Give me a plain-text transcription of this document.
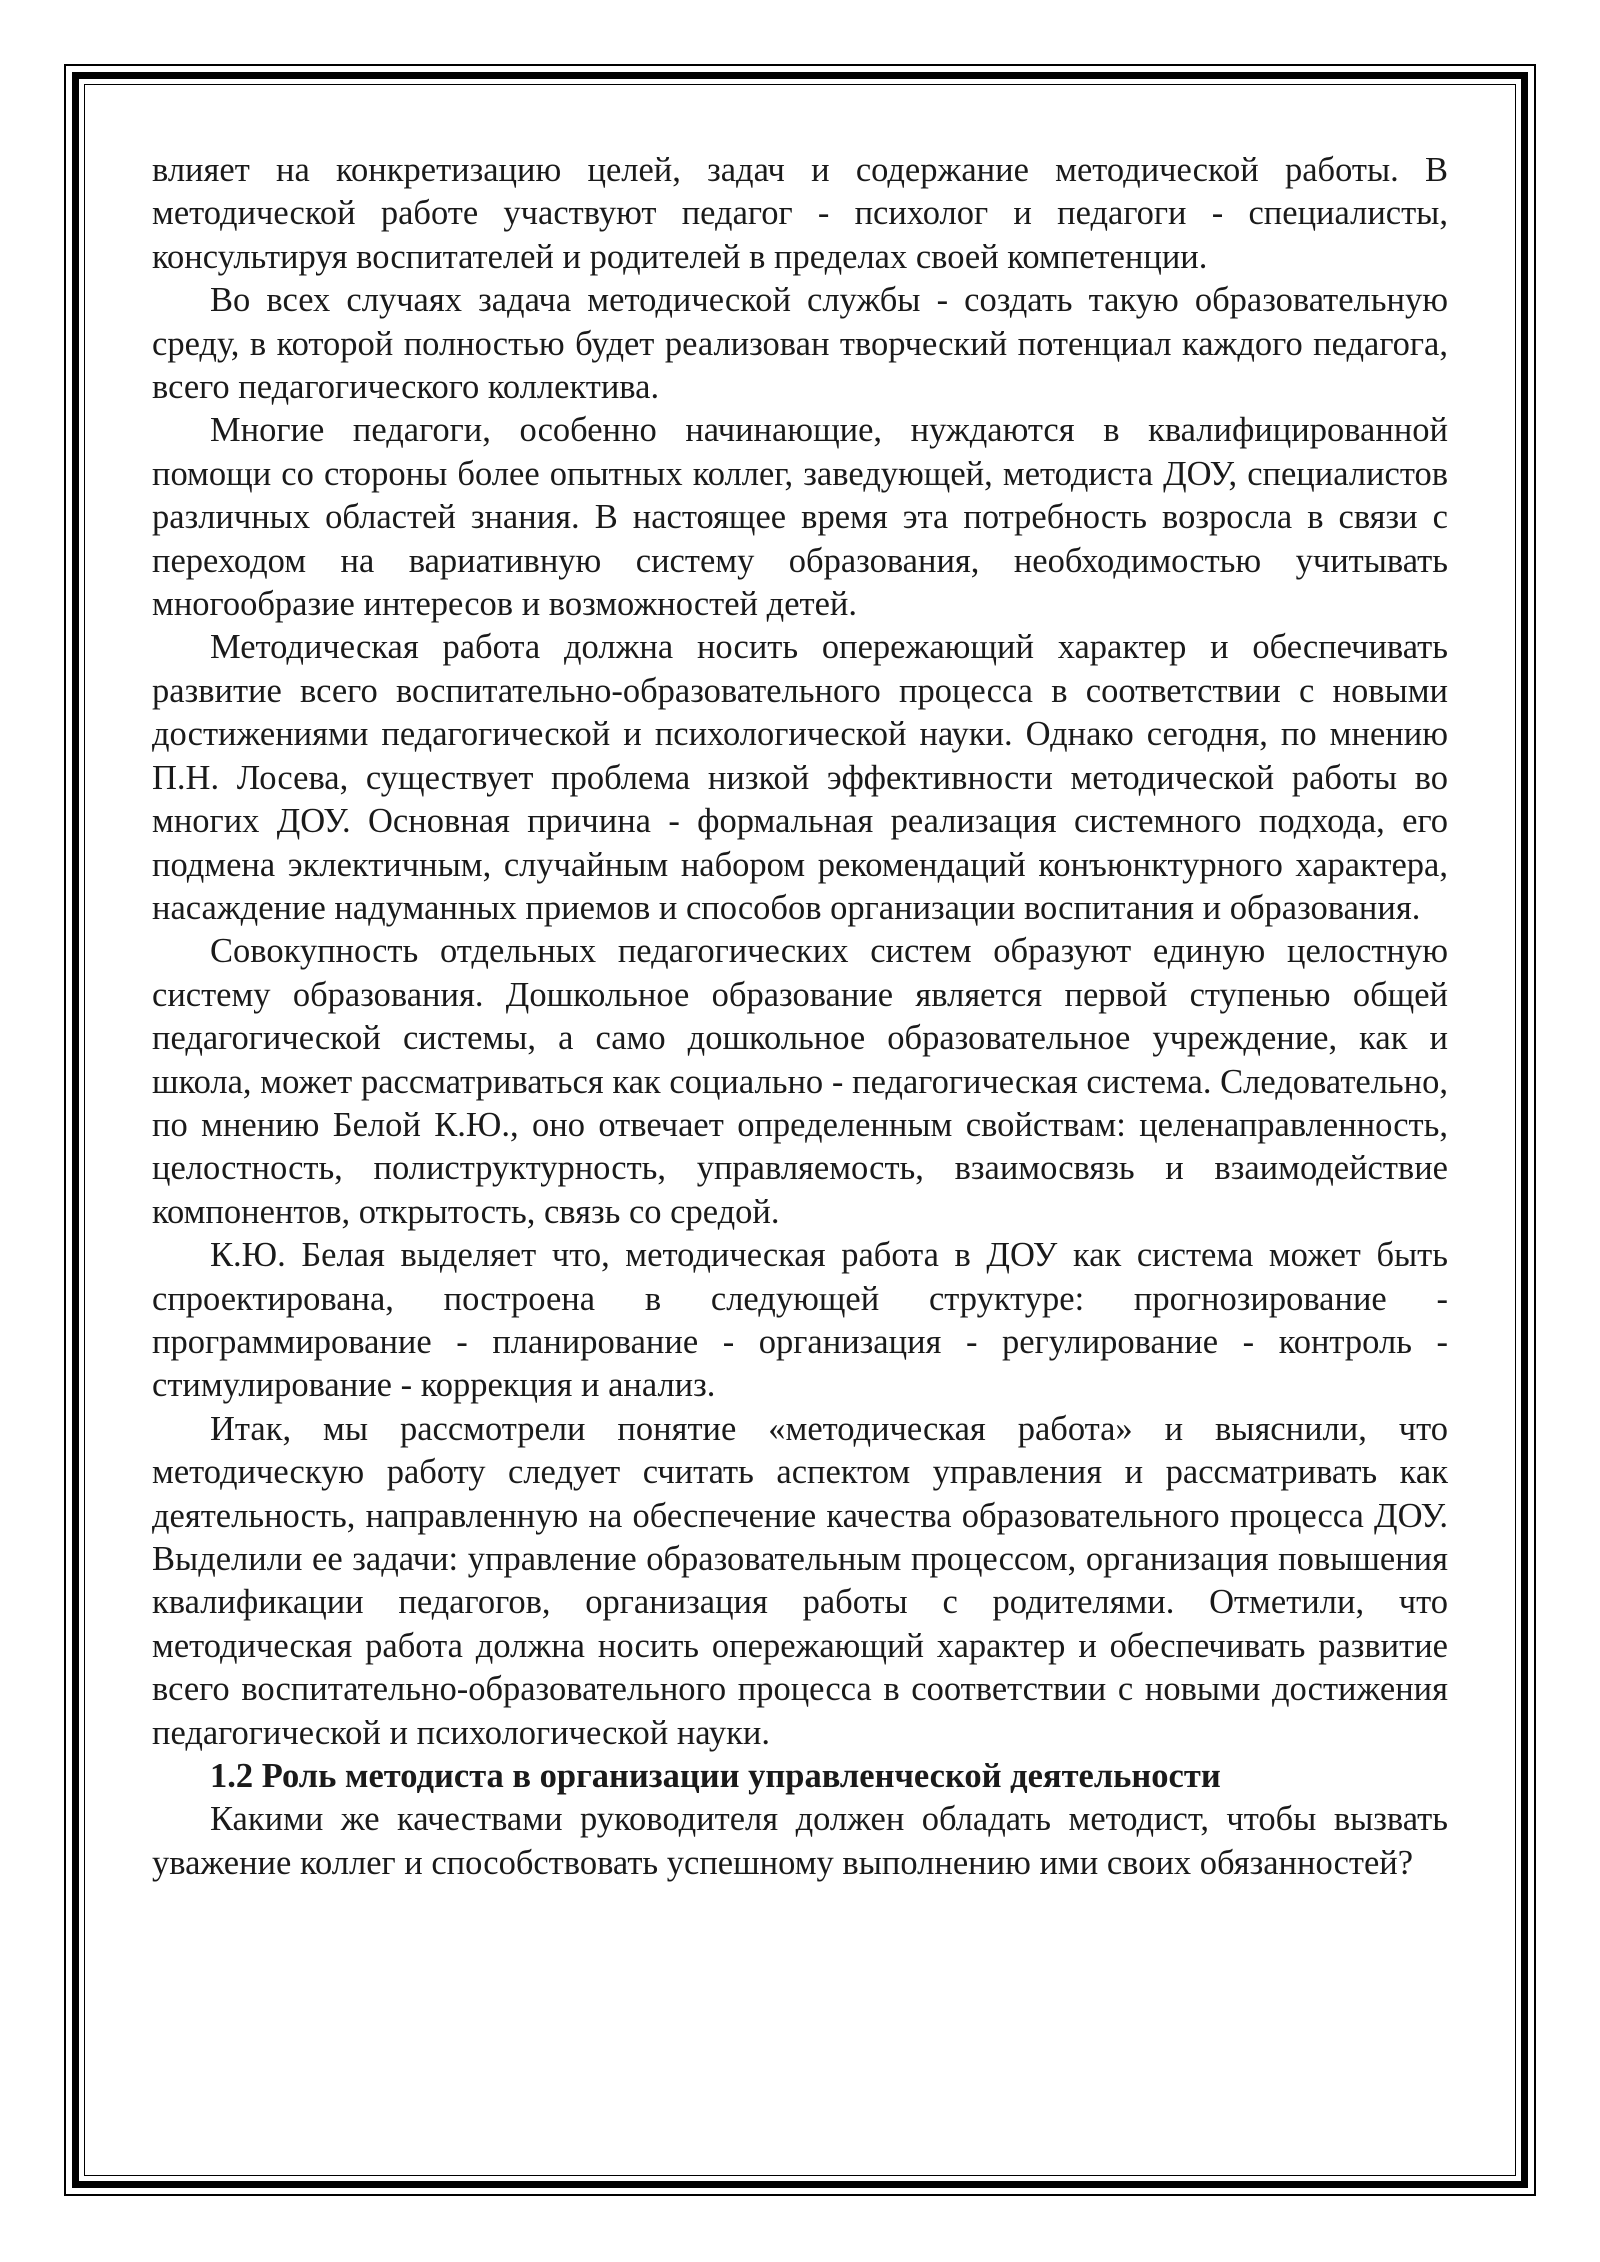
влияет на конкретизацию целей, задач и содержание методической работы. В методической работе участвуют педагог - психолог и педагоги - специалисты, консультируя воспитателей и родителей в пределах своей компетенции.

Во всех случаях задача методической службы - создать такую образовательную среду, в которой полностью будет реализован творческий потенциал каждого педагога, всего педагогического коллектива.

Многие педагоги, особенно начинающие, нуждаются в квалифицированной помощи со стороны более опытных коллег, заведующей, методиста ДОУ, специалистов различных областей знания. В настоящее время эта потребность возросла в связи с переходом на вариативную систему образования, необходимостью учитывать многообразие интересов и возможностей детей.

Методическая работа должна носить опережающий характер и обеспечивать развитие всего воспитательно-образовательного процесса в соответствии с новыми достижениями педагогической и психологической науки. Однако сегодня, по мнению П.Н. Лосева, существует проблема низкой эффективности методической работы во многих ДОУ. Основная причина - формальная реализация системного подхода, его подмена эклектичным, случайным набором рекомендаций конъюнктурного характера, насаждение надуманных приемов и способов организации воспитания и образования.

Совокупность отдельных педагогических систем образуют единую целостную систему образования. Дошкольное образование является первой ступенью общей педагогической системы, а само дошкольное образовательное учреждение, как и школа, может рассматриваться как социально - педагогическая система. Следовательно, по мнению Белой К.Ю., оно отвечает определенным свойствам: целенаправленность, целостность, полиструктурность, управляемость, взаимосвязь и взаимодействие компонентов, открытость, связь со средой.

К.Ю. Белая выделяет что, методическая работа в ДОУ как система может быть спроектирована, построена в следующей структуре: прогнозирование - программирование - планирование - организация - регулирование - контроль - стимулирование - коррекция и анализ.

Итак, мы рассмотрели понятие «методическая работа» и выяснили, что методическую работу следует считать аспектом управления и рассматривать как деятельность, направленную на обеспечение качества образовательного процесса ДОУ. Выделили ее задачи: управление образовательным процессом, организация повышения квалификации педагогов, организация работы с родителями. Отметили, что методическая работа должна носить опережающий характер и обеспечивать развитие всего воспитательно-образовательного процесса в соответствии с новыми достижения педагогической и психологической науки.

1.2 Роль методиста в организации управленческой деятельности

Какими же качествами руководителя должен обладать методист, чтобы вызвать уважение коллег и способствовать успешному выполнению ими своих обязанностей?
